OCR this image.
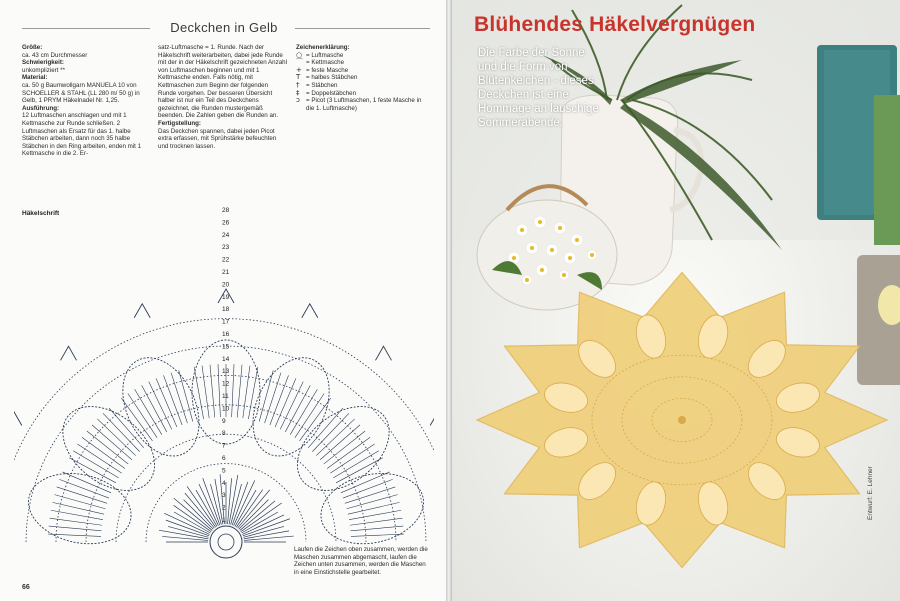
Deckchen in Gelb

Größe:

ca. 43 cm Durchmesser

Schwierigkeit:

unkompliziert **

Material:

ca. 50 g Baumwollgarn MANUELA 10 von SCHOELLER & STAHL (LL 280 m/ 50 g) in Gelb, 1 PRYM Häkelnadel Nr. 1,25.

Ausführung:

12 Luftmaschen anschlagen und mit 1 Kettmasche zur Runde schließen. 2 Luftmaschen als Ersatz für das 1. halbe Stäbchen arbeiten, dann noch 35 halbe Stäbchen in den Ring arbeiten, enden mit 1 Kettmasche in die 2. Er-

satz-Luftmasche = 1. Runde. Nach der Häkelschrift weiterarbeiten, dabei jede Runde mit der in der Häkelschrift gezeichneten Anzahl von Luftmaschen beginnen und mit 1 Kettmasche enden. Falls nötig, mit Kettmaschen zum Beginn der folgenden Runde vorgehen. Der besseren Übersicht halber ist nur ein Teil des Deckchens gezeichnet, die Runden mustergemäß beenden. Die Zahlen geben die Runden an.

Fertigstellung:

Das Deckchen spannen, dabei jeden Picot extra erfassen, mit Sprühstärke befeuchten und trocknen lassen.

Zeichenerklärung:

○ = Luftmasche
⌒ = Kettmasche
+ = feste Masche
T = halbes Stäbchen
†	= Stäbchen
‡	= Doppelstäbchen
ↄ = Picot (3 Luftmaschen, 1 feste Masche in die 1. Luftmasche)
28
26
24
23
22
21
20
19
18
17
16
15
14
13
12
11
10
9
8
7
6
5
4
3
2
1
Häkelschrift
Laufen die Zeichen oben zusammen, werden die Maschen zusammen abgemascht, laufen die Zeichen unten zusammen, werden die Maschen in eine Einstichstelle gearbeitet.
66
Blühendes Häkelvergnügen
Die Farbe der Sonne und die Form von Blütenkelchen - dieses Deckchen ist eine Hommage an lauschige Sommerabende.
Entwurf: E. Lehner
